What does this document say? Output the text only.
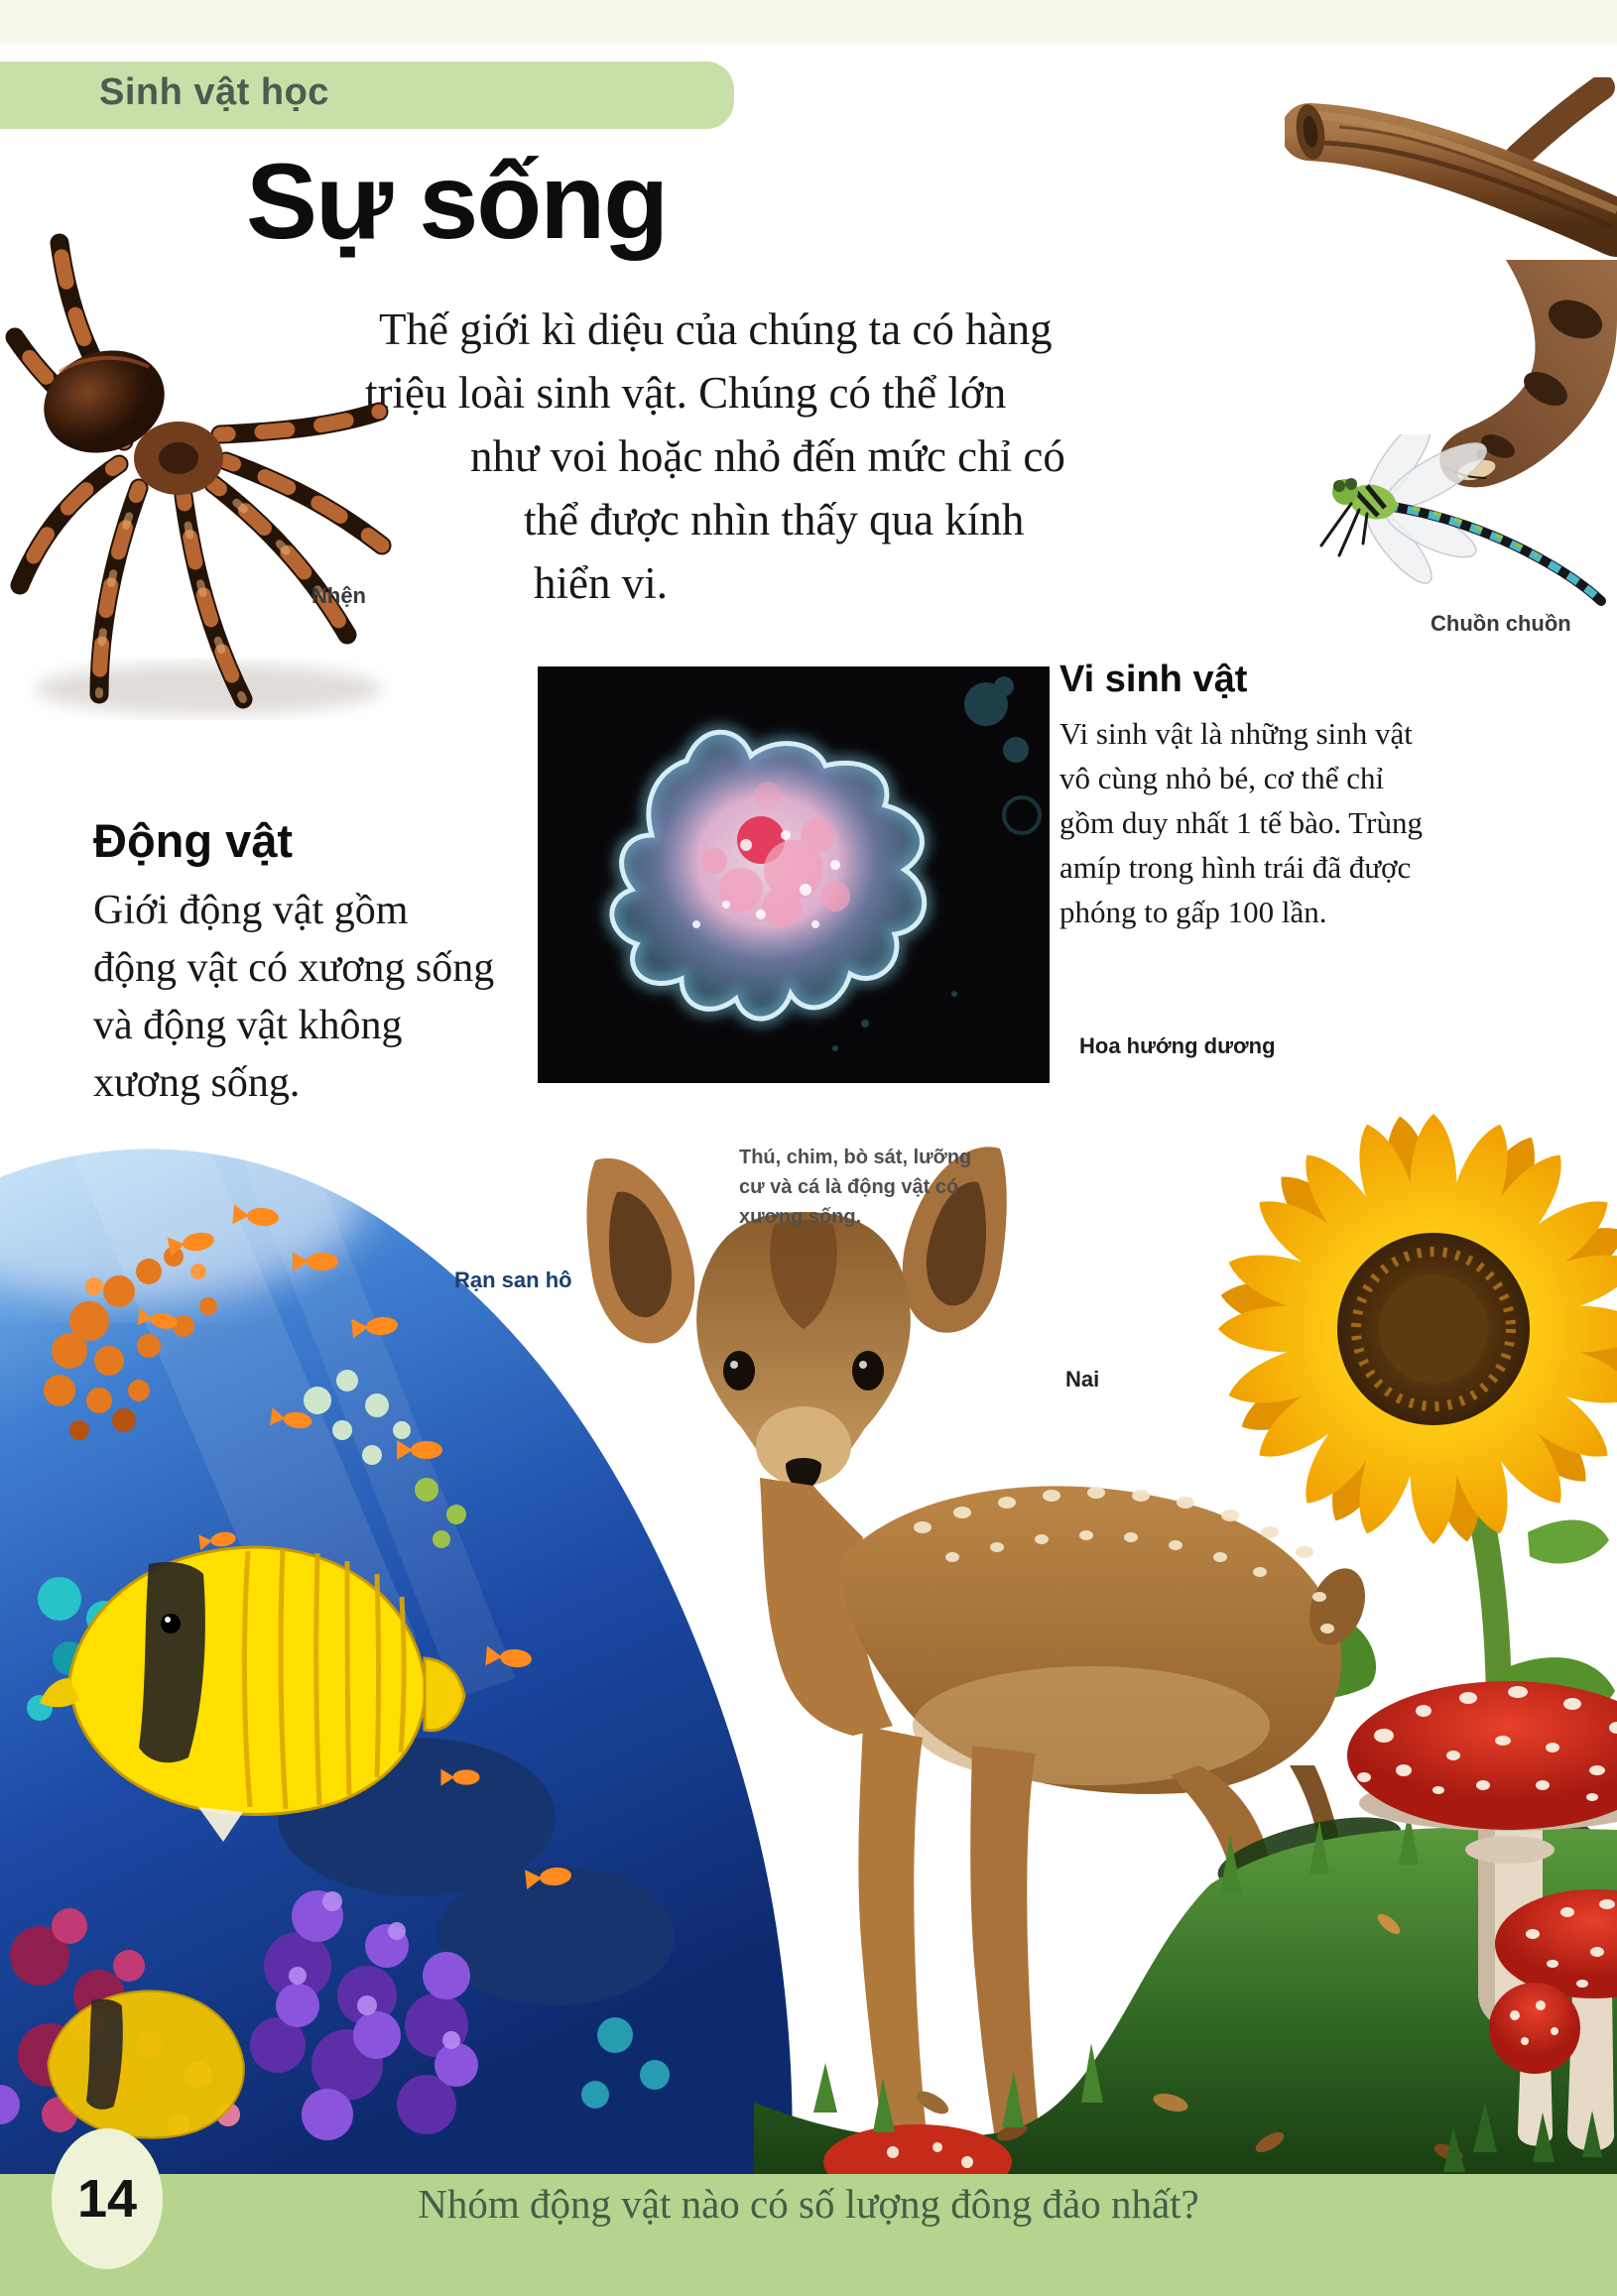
Sinh vật học
Sự sống
Thế giới kì diệu của chúng ta có hàng
triệu loài sinh vật. Chúng có thể lớn
như voi hoặc nhỏ đến mức chỉ có
thể được nhìn thấy qua kính
hiển vi.
Động vật
Giới động vật gồm
động vật có xương sống
và động vật không
xương sống.
Vi sinh vật
Vi sinh vật là những sinh vật
vô cùng nhỏ bé, cơ thể chỉ
gồm duy nhất 1 tế bào. Trùng
amíp trong hình trái đã được
phóng to gấp 100 lần.
Nhện
Chuồn chuồn
Hoa hướng dương
Rạn san hô
Nai
Thú, chim, bò sát, lưỡng
cư và cá là động vật có
xương sống.
Nhóm động vật nào có số lượng đông đảo nhất?
14
